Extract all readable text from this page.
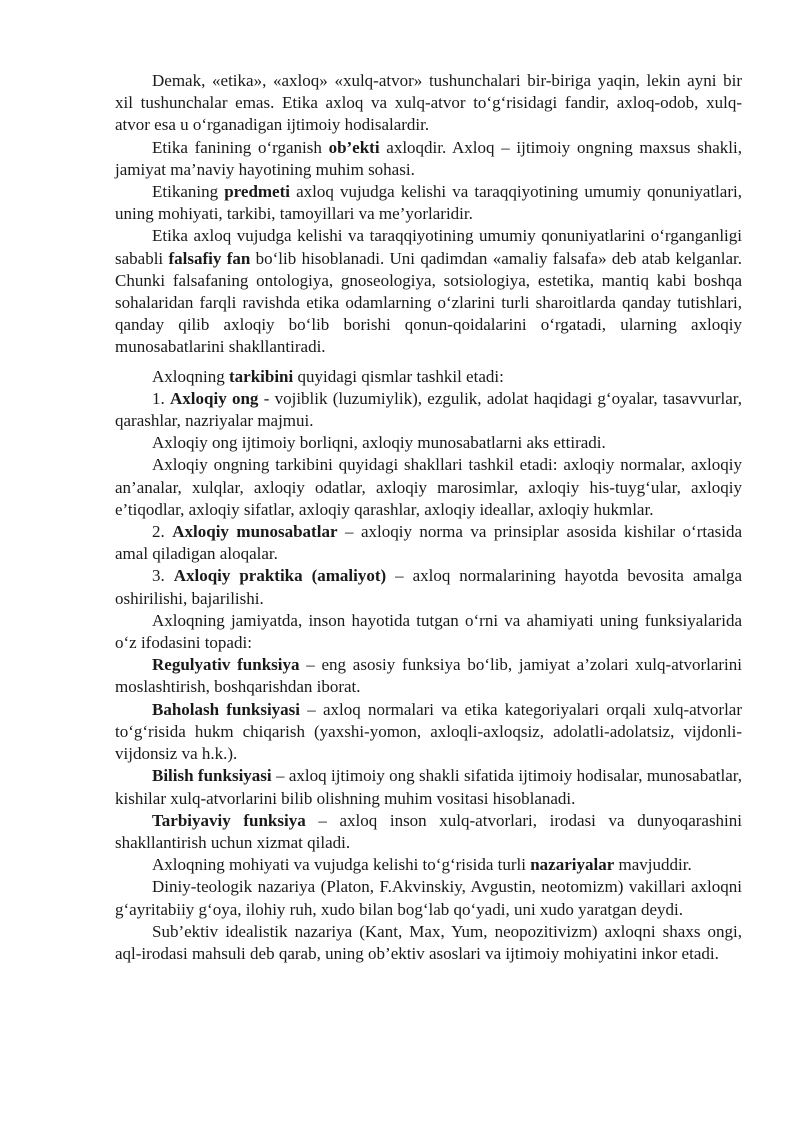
Demak, «etika», «axloq» «xulq-atvor» tushunchalari bir-biriga yaqin, lekin ayni bir xil tushunchalar emas. Etika axloq va xulq-atvor to‘g‘risidagi fandir, axloq-odob, xulq-atvor esa u o‘rganadigan ijtimoiy hodisalardir.

Etika fanining o‘rganish ob’ekti axloqdir. Axloq – ijtimoiy ongning maxsus shakli, jamiyat ma’naviy hayotining muhim sohasi.

Etikaning predmeti axloq vujudga kelishi va taraqqiyotining umumiy qonuniyatlari, uning mohiyati, tarkibi, tamoyillari va me’yorlaridir.

Etika axloq vujudga kelishi va taraqqiyotining umumiy qonuniyatlarini o‘rganganligi sababli falsafiy fan bo‘lib hisoblanadi. Uni qadimdan «amaliy falsafa» deb atab kelganlar. Chunki falsafaning ontologiya, gnoseologiya, sotsiologiya, estetika, mantiq kabi boshqa sohalaridan farqli ravishda etika odamlarning o‘zlarini turli sharoitlarda qanday tutishlari, qanday qilib axloqiy bo‘lib borishi qonun-qoidalarini o‘rgatadi, ularning axloqiy munosabatlarini shakllantiradi.

Axloqning tarkibini quyidagi qismlar tashkil etadi:

1. Axloqiy ong - vojiblik (luzumiylik), ezgulik, adolat haqidagi g‘oyalar, tasavvurlar, qarashlar, nazriyalar majmui.

Axloqiy ong ijtimoiy borliqni, axloqiy munosabatlarni aks ettiradi.

Axloqiy ongning tarkibini quyidagi shakllari tashkil etadi: axloqiy normalar, axloqiy an’analar, xulqlar, axloqiy odatlar, axloqiy marosimlar, axloqiy his-tuyg‘ular, axloqiy e’tiqodlar, axloqiy sifatlar, axloqiy qarashlar, axloqiy ideallar, axloqiy hukmlar.

2. Axloqiy munosabatlar – axloqiy norma va prinsiplar asosida kishilar o‘rtasida amal qiladigan aloqalar.

3. Axloqiy praktika (amaliyot) – axloq normalarining hayotda bevosita amalga oshirilishi, bajarilishi.

Axloqning jamiyatda, inson hayotida tutgan o‘rni va ahamiyati uning funksiyalarida o‘z ifodasini topadi:

Regulyativ funksiya – eng asosiy funksiya bo‘lib, jamiyat a’zolari xulq-atvorlarini moslashtirish, boshqarishdan iborat.

Baholash funksiyasi – axloq normalari va etika kategoriyalari orqali xulq-atvorlar to‘g‘risida hukm chiqarish (yaxshi-yomon, axloqli-axloqsiz, adolatli-adolatsiz, vijdonli-vijdonsiz va h.k.).

Bilish funksiyasi – axloq ijtimoiy ong shakli sifatida ijtimoiy hodisalar, munosabatlar, kishilar xulq-atvorlarini bilib olishning muhim vositasi hisoblanadi.

Tarbiyaviy funksiya – axloq inson xulq-atvorlari, irodasi va dunyoqarashini shakllantirish uchun xizmat qiladi.

Axloqning mohiyati va vujudga kelishi to‘g‘risida turli nazariyalar mavjuddir.

Diniy-teologik nazariya (Platon, F.Akvinskiy, Avgustin, neotomizm) vakillari axloqni g‘ayritabiiy g‘oya, ilohiy ruh, xudo bilan bog‘lab qo‘yadi, uni xudo yaratgan deydi.

Sub’ektiv idealistik nazariya (Kant, Max, Yum, neopozitivizm) axloqni shaxs ongi, aql-irodasi mahsuli deb qarab, uning ob’ektiv asoslari va ijtimoiy mohiyatini inkor etadi.
